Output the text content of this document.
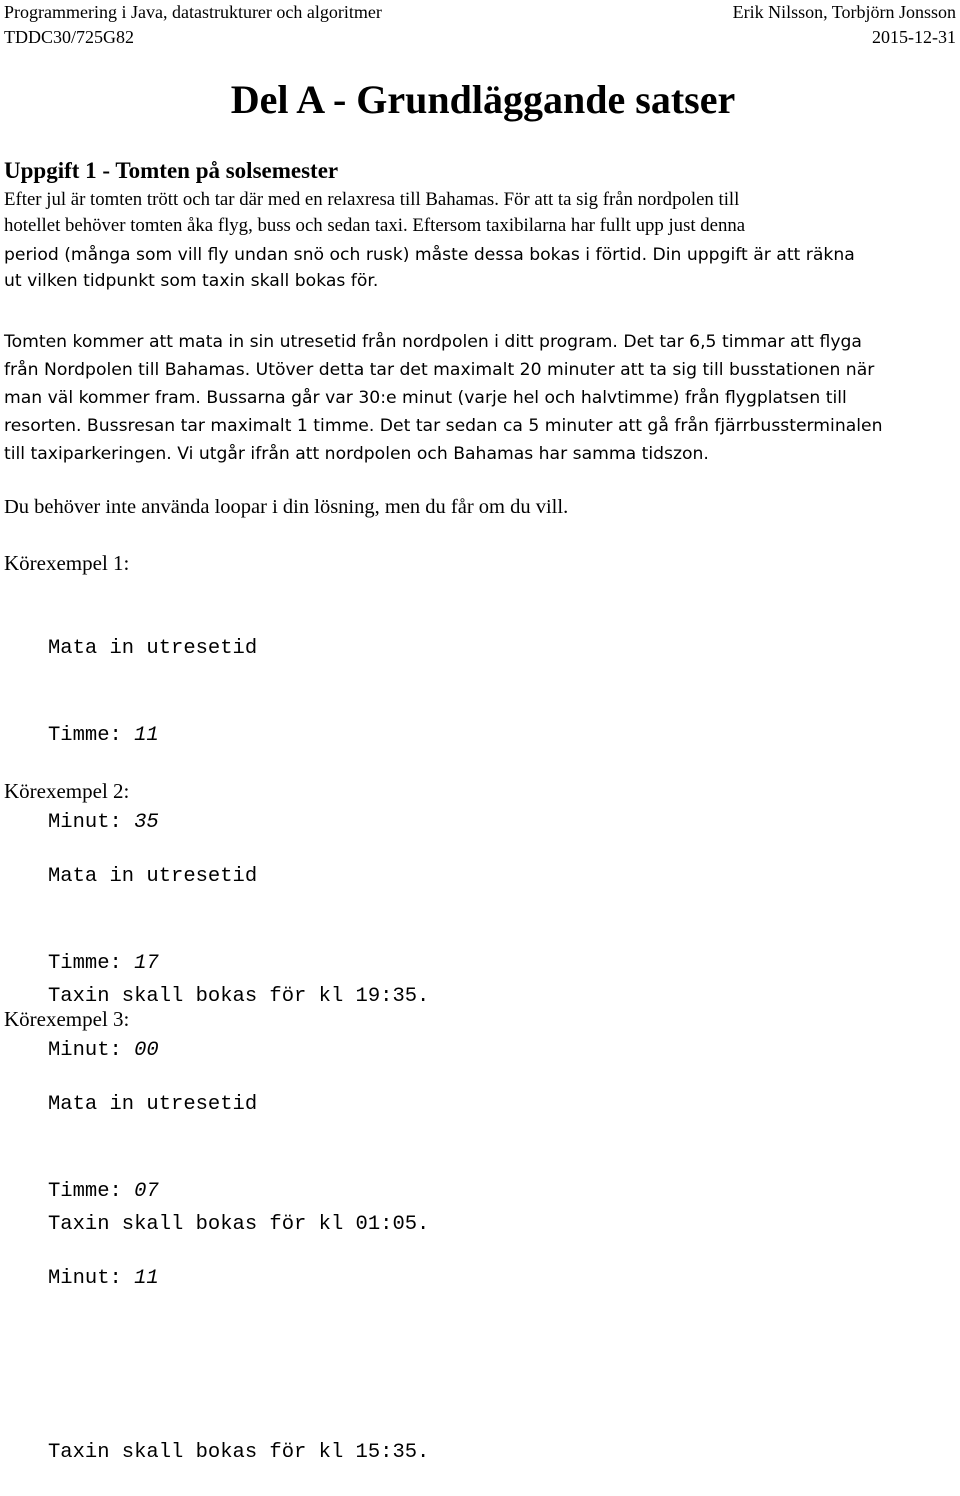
Programmering i Java, datastrukturer och algoritmer	Erik Nilsson, Torbjörn Jonsson
TDDC30/725G82	2015-12-31
Del A - Grundläggande satser
Uppgift 1 - Tomten på solsemester

Efter jul är tomten trött och tar där med en relaxresa till Bahamas. För att ta sig från nordpolen till
hotellet behöver tomten åka flyg, buss och sedan taxi. Eftersom taxibilarna har fullt upp just denna

period (många som vill fly undan snö och rusk) måste dessa bokas i förtid. Din uppgift är att räkna
ut vilken tidpunkt som taxin skall bokas för.

Tomten kommer att mata in sin utresetid från nordpolen i ditt program. Det tar 6,5 timmar att flyga
från Nordpolen till Bahamas. Utöver detta tar det maximalt 20 minuter att ta sig till busstationen när
man väl kommer fram. Bussarna går var 30:e minut (varje hel och halvtimme) från flygplatsen till
resorten. Bussresan tar maximalt 1 timme. Det tar sedan ca 5 minuter att gå från fjärrbussterminalen
till taxiparkeringen. Vi utgår ifrån att nordpolen och Bahamas har samma tidszon.

Du behöver inte använda loopar i din lösning, men du får om du vill.

Körexempel 1:

Mata in utresetid

Timme: 11

Minut: 35

Taxin skall bokas för kl 19:35.

Körexempel 2:

Mata in utresetid

Timme: 17

Minut: 00

Taxin skall bokas för kl 01:05.

Körexempel 3:

Mata in utresetid

Timme: 07

Minut: 11

Taxin skall bokas för kl 15:35.
